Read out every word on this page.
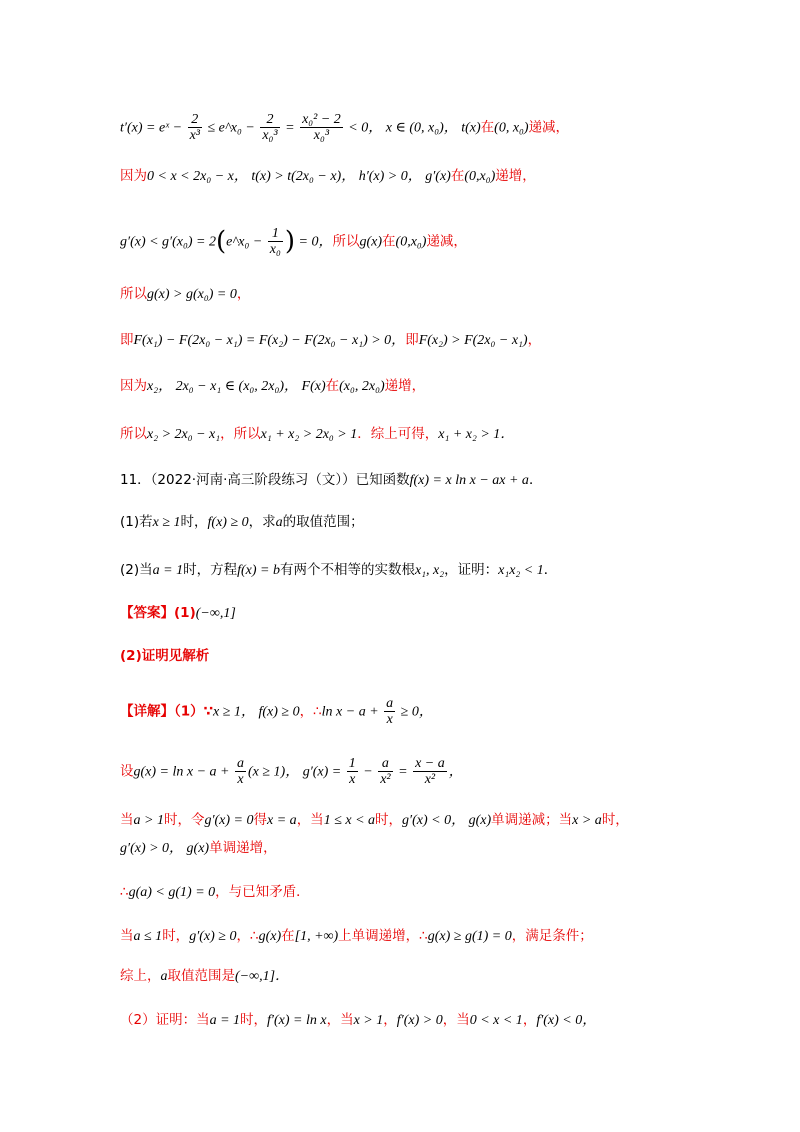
t′(x) = eˣ − $\frac{2}{\text{x³}}$ ≤ e^x₀ − $\frac{2}{\text{x₀³}} = \frac{\text{x₀² − 2}}{\text{x₀³}} < 0$， x ∈ (0, x₀)， t(x)在(0, x₀)递减，
因为0 < x < 2x₀ − x， t(x) > t(2x₀ − x)， h′(x) > 0， g′(x)在(0,x₀)递增，
g′(x) < g′(x₀) = 2(e^x₀ − $\frac{1}{\text{x₀}}$ ) = 0，所以g(x)在(0,x₀)递减，
所以g(x) > g(x₀) = 0，
即F(x₁) − F(2x₀ − x₁) = F(x₂) − F(2x₀ − x₁) > 0，即F(x₂) > F(2x₀ − x₁)，
因为x₂， 2x₀ − x₁ ∈ (x₀, 2x₀)， F(x)在(x₀, 2x₀)递增，
所以x₂ > 2x₀ − x₁，所以x₁ + x₂ > 2x₀ > 1．综上可得，x₁ + x₂ > 1．
11．（2022·河南·高三阶段练习（文））已知函数f(x) = x ln x − ax + a．
(1)若x ≥ 1时，f(x) ≥ 0，求a的取值范围；
(2)当a = 1时，方程f(x) = b有两个不相等的实数根x₁, x₂，证明：x₁x₂ < 1．
【答案】(1)(−∞,1]
(2)证明见解析
【详解】（1）∵x ≥ 1， f(x) ≥ 0，∴ln $x - a + \frac{a}{x} \ge 0$，
设$g(x) = \ln x - a + \frac{a}{x} (x \ge 1)$， $g'(x) = \frac{1}{x} - \frac{a}{\text{x²}} = \frac{x - a}{\text{x²}}$ ，
当a > 1时，令g′(x) = 0得x = a，当1 ≤ x < a时，g′(x) < 0， g(x)单调递减；当x > a时，
g′(x) > 0， g(x)单调递增，
∴g(a) < g(1) = 0，与已知矛盾．
当a ≤ 1时，g′(x) ≥ 0，∴g(x)在[1, +∞)上单调递增，∴g(x) ≥ g(1) = 0，满足条件；
综上，a取值范围是(−∞,1]．
（2）证明：当a = 1时，f′(x) = ln x，当x > 1，f′(x) > 0，当0 < x < 1，f′(x) < 0，
